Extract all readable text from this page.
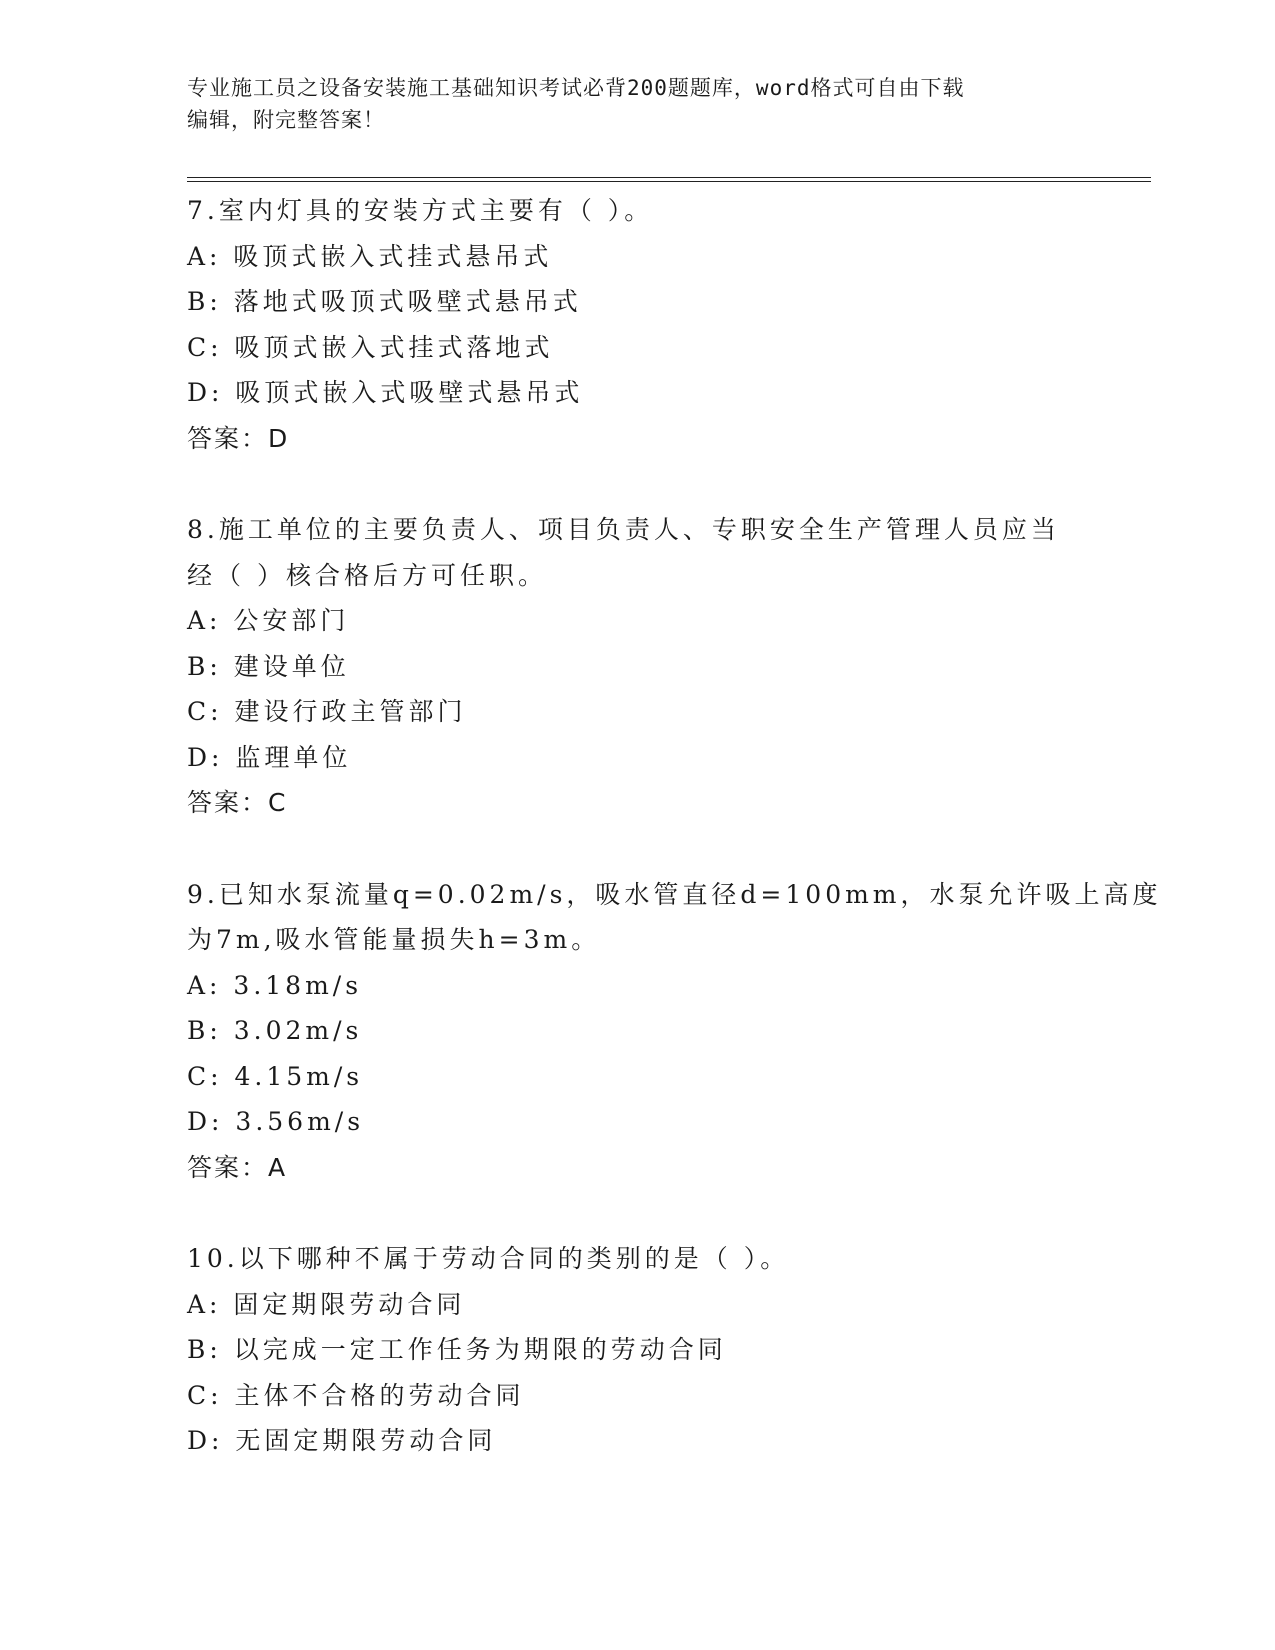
专业施工员之设备安装施工基础知识考试必背200题题库，word格式可自由下载
编辑，附完整答案！
7.室内灯具的安装方式主要有（ ）。
A: 吸顶式嵌入式挂式悬吊式
B: 落地式吸顶式吸壁式悬吊式
C: 吸顶式嵌入式挂式落地式
D: 吸顶式嵌入式吸壁式悬吊式
答案：D
8.施工单位的主要负责人、项目负责人、专职安全生产管理人员应当
经（ ）核合格后方可任职。
A: 公安部门
B: 建设单位
C: 建设行政主管部门
D: 监理单位
答案：C
9.已知水泵流量q=0.02m/s，吸水管直径d=100mm，水泵允许吸上高度
为7m,吸水管能量损失h=3m。
A: 3.18m/s
B: 3.02m/s
C: 4.15m/s
D: 3.56m/s
答案：A
10.以下哪种不属于劳动合同的类别的是（ ）。
A: 固定期限劳动合同
B: 以完成一定工作任务为期限的劳动合同
C: 主体不合格的劳动合同
D: 无固定期限劳动合同
